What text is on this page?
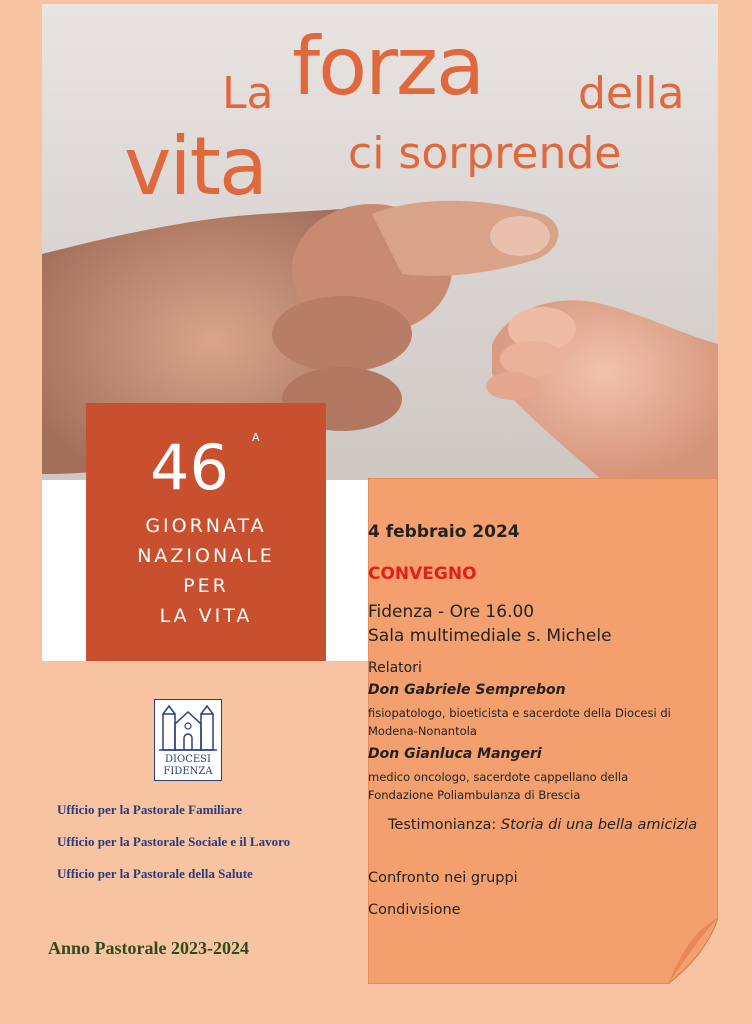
La forza della
vita ci sorprende
46 A
GIORNATA
NAZIONALE
PER
LA VITA
DIOCESI
FIDENZA
Ufficio per la Pastorale Familiare
Ufficio per la Pastorale Sociale e il Lavoro
Ufficio per la Pastorale della Salute
Anno Pastorale 2023-2024
4 febbraio 2024
CONVEGNO
Fidenza - Ore 16.00
Sala multimediale s. Michele
Relatori
Don Gabriele Semprebon
fisiopatologo, bioeticista e sacerdote della Diocesi di
Modena-Nonantola
Don Gianluca Mangeri
medico oncologo, sacerdote cappellano della
Fondazione Poliambulanza di Brescia
Testimonianza: Storia di una bella amicizia
Confronto nei gruppi
Condivisione
